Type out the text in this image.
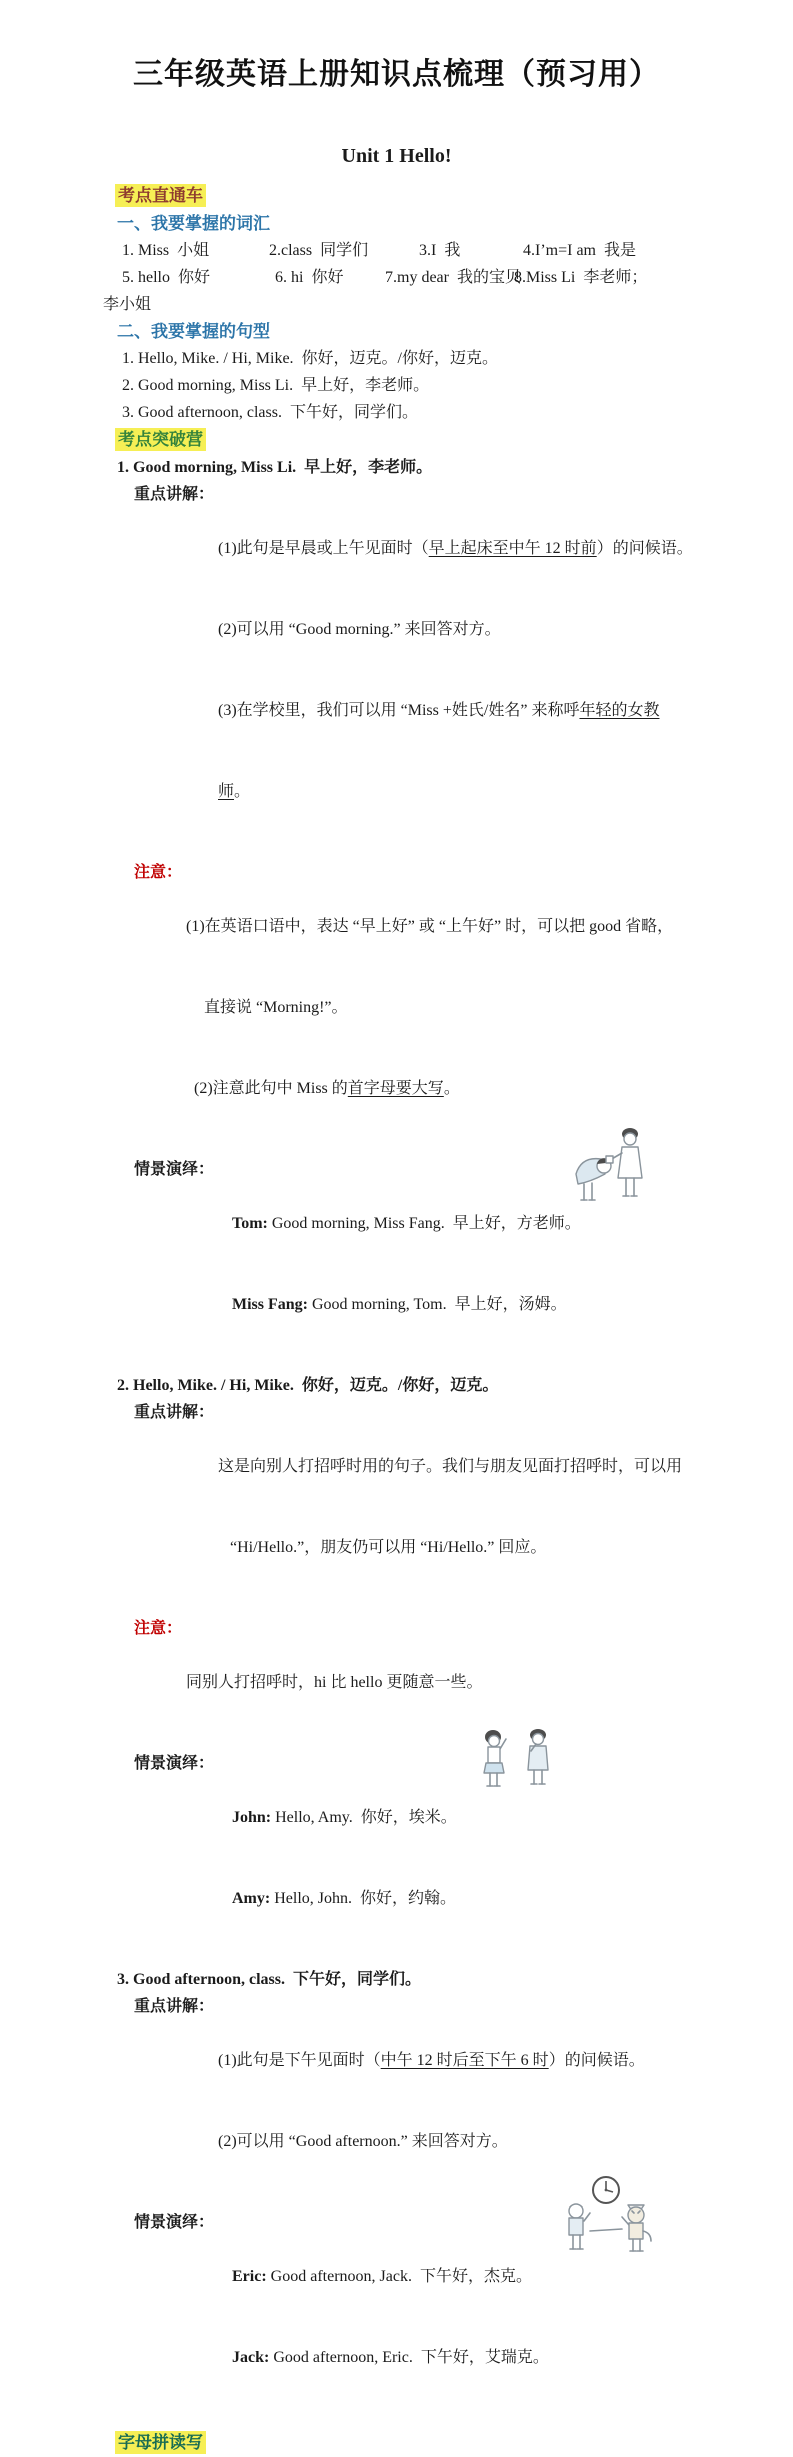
三年级英语上册知识点梳理（预习用）
Unit 1 Hello!
考点直通车
一、我要掌握的词汇
1. Miss  小姐	2.class  同学们	3.I  我	4.I’m=I am  我是
5. hello  你好	6. hi  你好	7.my dear  我的宝贝
8.Miss Li  李老师；
李小姐
二、我要掌握的句型
1. Hello, Mike. / Hi, Mike.  你好，迈克。/你好，迈克。
2. Good morning, Miss Li.  早上好，李老师。
3. Good afternoon, class.  下午好，同学们。
考点突破营
1. Good morning, Miss Li.  早上好，李老师。
重点讲解：

(1)此句是早晨或上午见面时（早上起床至中午 12 时前）的问候语。

(2)可以用 “Good morning.” 来回答对方。

(3)在学校里，我们可以用 “Miss +姓氏/姓名” 来称呼年轻的女教

师。

注意：

(1)在英语口语中，表达 “早上好” 或 “上午好” 时，可以把 good 省略，

直接说 “Morning!”。

(2)注意此句中 Miss 的首字母要大写。

情景演绎：

Tom: Good morning, Miss Fang.  早上好，方老师。

Miss Fang: Good morning, Tom.  早上好，汤姆。

2. Hello, Mike. / Hi, Mike.  你好，迈克。/你好，迈克。
重点讲解：

这是向别人打招呼时用的句子。我们与朋友见面打招呼时，可以用

“Hi/Hello.”，朋友仍可以用 “Hi/Hello.” 回应。

注意：

同别人打招呼时，hi 比 hello 更随意一些。

情景演绎：

John: Hello, Amy.  你好，埃米。

Amy: Hello, John.  你好，约翰。

3. Good afternoon, class.  下午好，同学们。
重点讲解：

(1)此句是下午见面时（中午 12 时后至下午 6 时）的问候语。

(2)可以用 “Good afternoon.” 来回答对方。

情景演绎：

Eric: Good afternoon, Jack.  下午好，杰克。

Jack: Good afternoon, Eric.  下午好，艾瑞克。

字母拼读写
